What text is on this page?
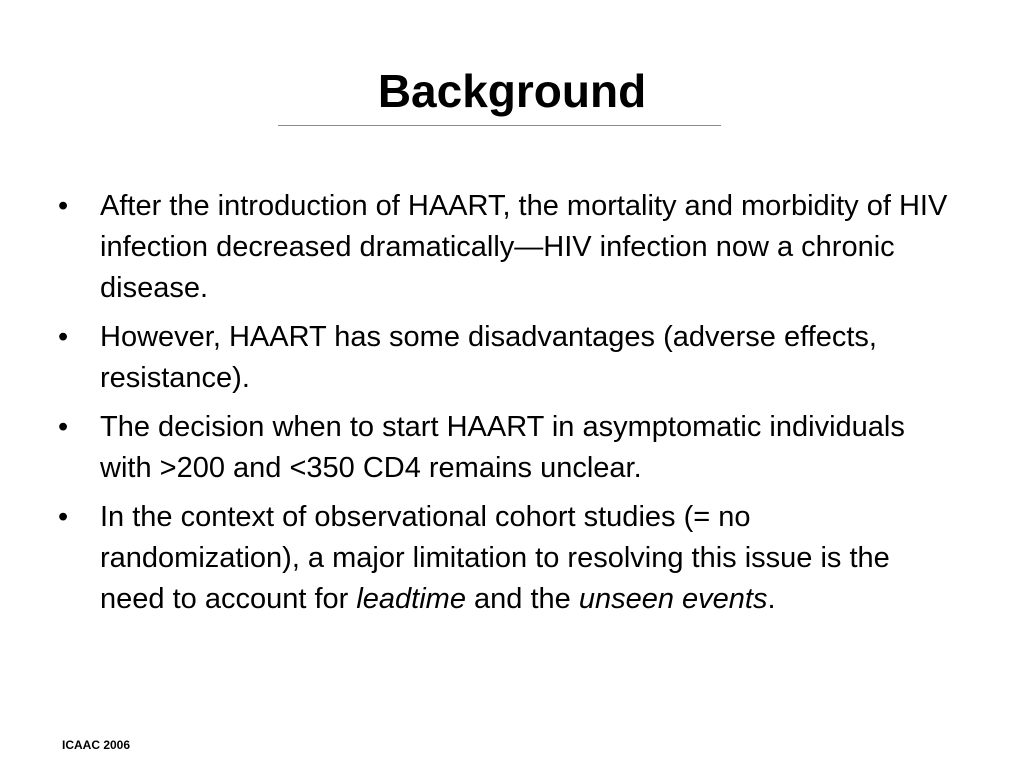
Background
• After the introduction of HAART, the mortality and morbidity of HIV infection decreased dramatically—HIV infection now a chronic disease.
• However, HAART has some disadvantages (adverse effects, resistance).
• The decision when to start HAART in asymptomatic individuals with >200 and <350 CD4 remains unclear.
• In the context of observational cohort studies (= no randomization), a major limitation to resolving this issue is the need to account for leadtime and the unseen events.
ICAAC 2006
